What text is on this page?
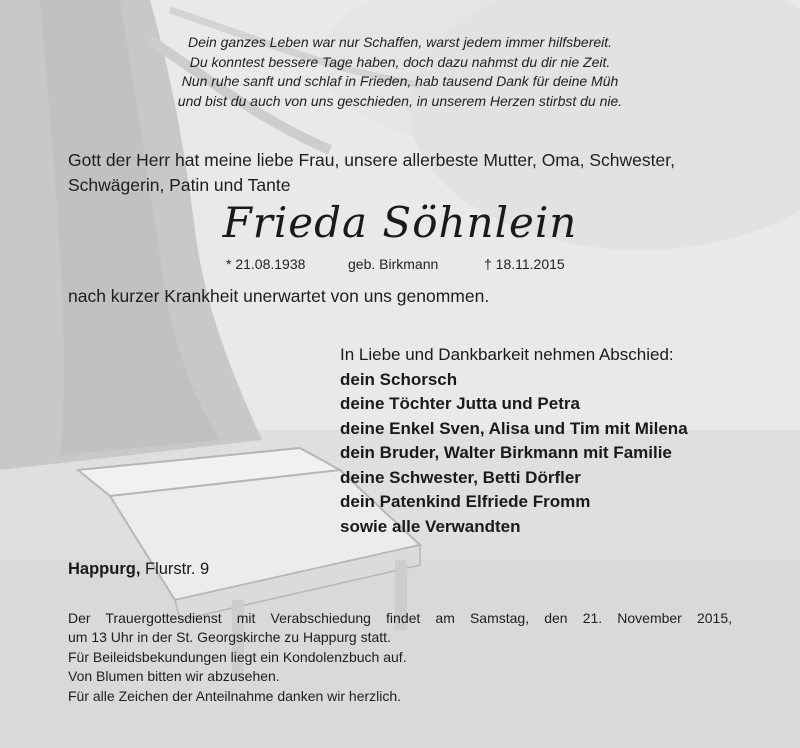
Dein ganzes Leben war nur Schaffen, warst jedem immer hilfsbereit.
Du konntest bessere Tage haben, doch dazu nahmst du dir nie Zeit.
Nun ruhe sanft und schlaf in Frieden, hab tausend Dank für deine Müh
und bist du auch von uns geschieden, in unserem Herzen stirbst du nie.
Gott der Herr hat meine liebe Frau, unsere allerbeste Mutter, Oma, Schwester, Schwägerin, Patin und Tante
Frieda Söhnlein
* 21.08.1938	geb. Birkmann	† 18.11.2015
nach kurzer Krankheit unerwartet von uns genommen.
In Liebe und Dankbarkeit nehmen Abschied:
dein Schorsch
deine Töchter Jutta und Petra
deine Enkel Sven, Alisa und Tim mit Milena
dein Bruder, Walter Birkmann mit Familie
deine Schwester, Betti Dörfler
dein Patenkind Elfriede Fromm
sowie alle Verwandten
Happurg, Flurstr. 9
Der Trauergottesdienst mit Verabschiedung findet am Samstag, den 21. November 2015,
um 13 Uhr in der St. Georgskirche zu Happurg statt.
Für Beileidsbekundungen liegt ein Kondolenzbuch auf.
Von Blumen bitten wir abzusehen.
Für alle Zeichen der Anteilnahme danken wir herzlich.
